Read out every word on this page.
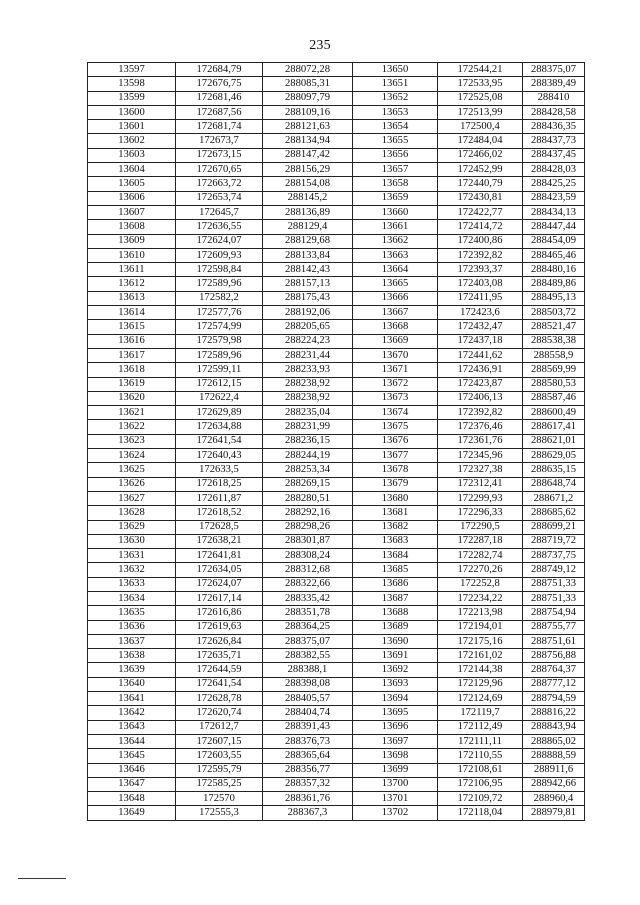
235
13597	172684,79	288072,28	13650	172544,21	288375,07
13598	172676,75	288085,31	13651	172533,95	288389,49
13599	172681,46	288097,79	13652	172525,08	288410
13600	172687,56	288109,16	13653	172513,99	288428,58
13601	172681,74	288121,63	13654	172500,4	288436,35
13602	172673,7	288134,94	13655	172484,04	288437,73
13603	172673,15	288147,42	13656	172466,02	288437,45
13604	172670,65	288156,29	13657	172452,99	288428,03
13605	172663,72	288154,08	13658	172440,79	288425,25
13606	172653,74	288145,2	13659	172430,81	288423,59
13607	172645,7	288136,89	13660	172422,77	288434,13
13608	172636,55	288129,4	13661	172414,72	288447,44
13609	172624,07	288129,68	13662	172400,86	288454,09
13610	172609,93	288133,84	13663	172392,82	288465,46
13611	172598,84	288142,43	13664	172393,37	288480,16
13612	172589,96	288157,13	13665	172403,08	288489,86
13613	172582,2	288175,43	13666	172411,95	288495,13
13614	172577,76	288192,06	13667	172423,6	288503,72
13615	172574,99	288205,65	13668	172432,47	288521,47
13616	172579,98	288224,23	13669	172437,18	288538,38
13617	172589,96	288231,44	13670	172441,62	288558,9
13618	172599,11	288233,93	13671	172436,91	288569,99
13619	172612,15	288238,92	13672	172423,87	288580,53
13620	172622,4	288238,92	13673	172406,13	288587,46
13621	172629,89	288235,04	13674	172392,82	288600,49
13622	172634,88	288231,99	13675	172376,46	288617,41
13623	172641,54	288236,15	13676	172361,76	288621,01
13624	172640,43	288244,19	13677	172345,96	288629,05
13625	172633,5	288253,34	13678	172327,38	288635,15
13626	172618,25	288269,15	13679	172312,41	288648,74
13627	172611,87	288280,51	13680	172299,93	288671,2
13628	172618,52	288292,16	13681	172296,33	288685,62
13629	172628,5	288298,26	13682	172290,5	288699,21
13630	172638,21	288301,87	13683	172287,18	288719,72
13631	172641,81	288308,24	13684	172282,74	288737,75
13632	172634,05	288312,68	13685	172270,26	288749,12
13633	172624,07	288322,66	13686	172252,8	288751,33
13634	172617,14	288335,42	13687	172234,22	288751,33
13635	172616,86	288351,78	13688	172213,98	288754,94
13636	172619,63	288364,25	13689	172194,01	288755,77
13637	172626,84	288375,07	13690	172175,16	288751,61
13638	172635,71	288382,55	13691	172161,02	288756,88
13639	172644,59	288388,1	13692	172144,38	288764,37
13640	172641,54	288398,08	13693	172129,96	288777,12
13641	172628,78	288405,57	13694	172124,69	288794,59
13642	172620,74	288404,74	13695	172119,7	288816,22
13643	172612,7	288391,43	13696	172112,49	288843,94
13644	172607,15	288376,73	13697	172111,11	288865,02
13645	172603,55	288365,64	13698	172110,55	288888,59
13646	172595,79	288356,77	13699	172108,61	288911,6
13647	172585,25	288357,32	13700	172106,95	288942,66
13648	172570	288361,76	13701	172109,72	288960,4
13649	172555,3	288367,3	13702	172118,04	288979,81
